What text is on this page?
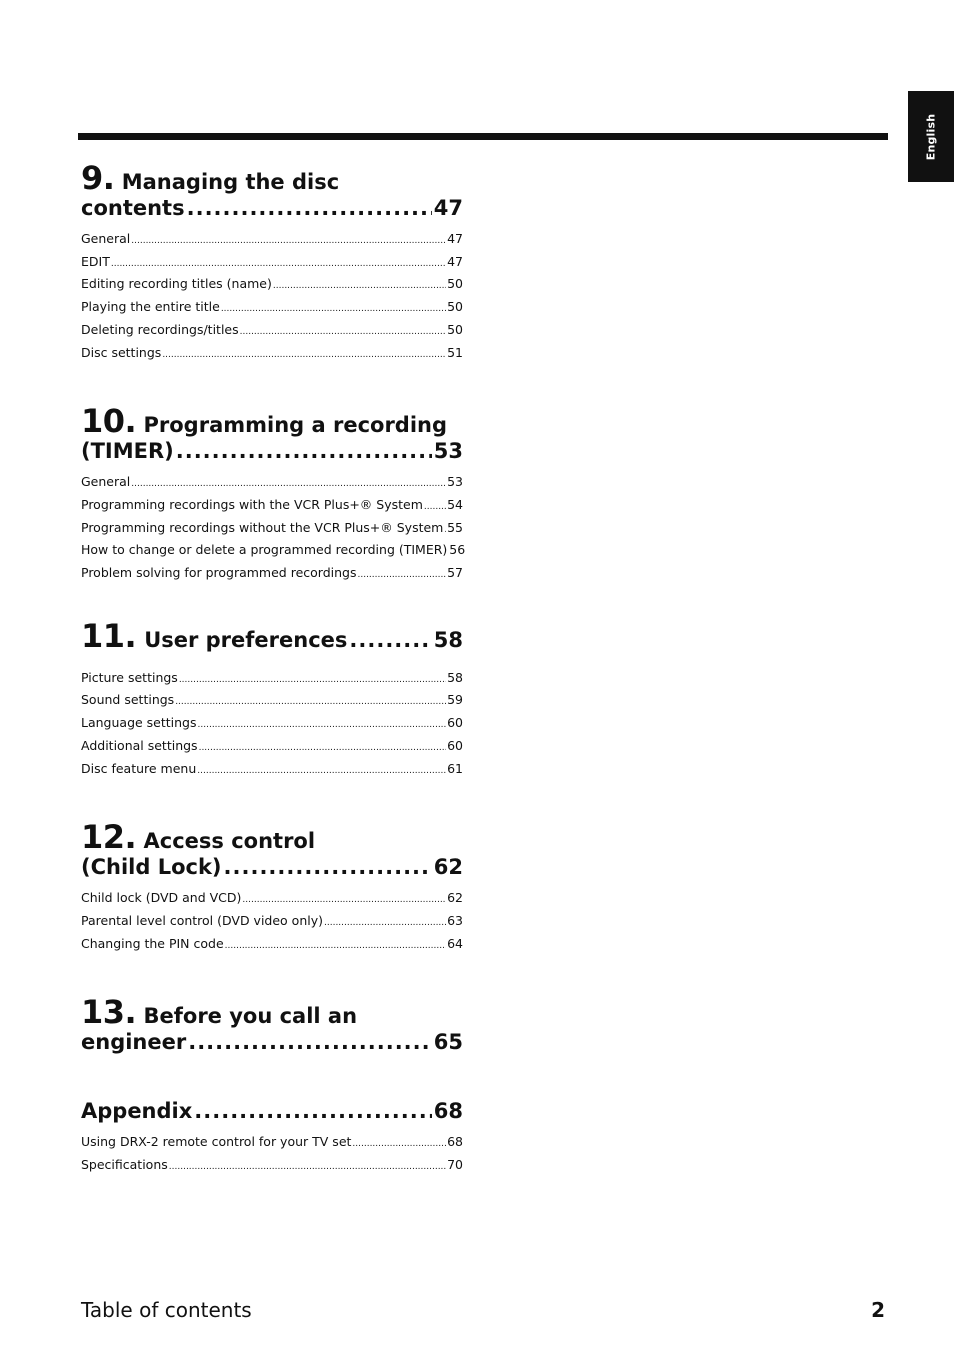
English
9. Managing the disc
contents .....	47
General .....	47
EDIT .....	47
Editing recording titles (name) .....	50
Playing the entire title .....	50
Deleting recordings/titles .....	50
Disc settings .....	51
10. Programming a recording
(TIMER) .....	53
General .....	53
Programming recordings with the VCR Plus+® System ..... 54
Programming recordings without the VCR Plus+® System ..... 55
How to change or delete a programmed recording (TIMER) 56
Problem solving for programmed recordings .....	57
11. User preferences .....	58
Picture settings .....	58
Sound settings .....	59
Language settings .....	60
Additional settings .....	60
Disc feature menu .....	61
12. Access control
(Child Lock) .....	62
Child lock (DVD and VCD) .....	62
Parental level control (DVD video only) .....	63
Changing the PIN code .....	64
13. Before you call an
engineer .....	65
Appendix .....	68
Using DRX-2 remote control for your TV set .....	68
Specifications .....	70
Table of contents	2
